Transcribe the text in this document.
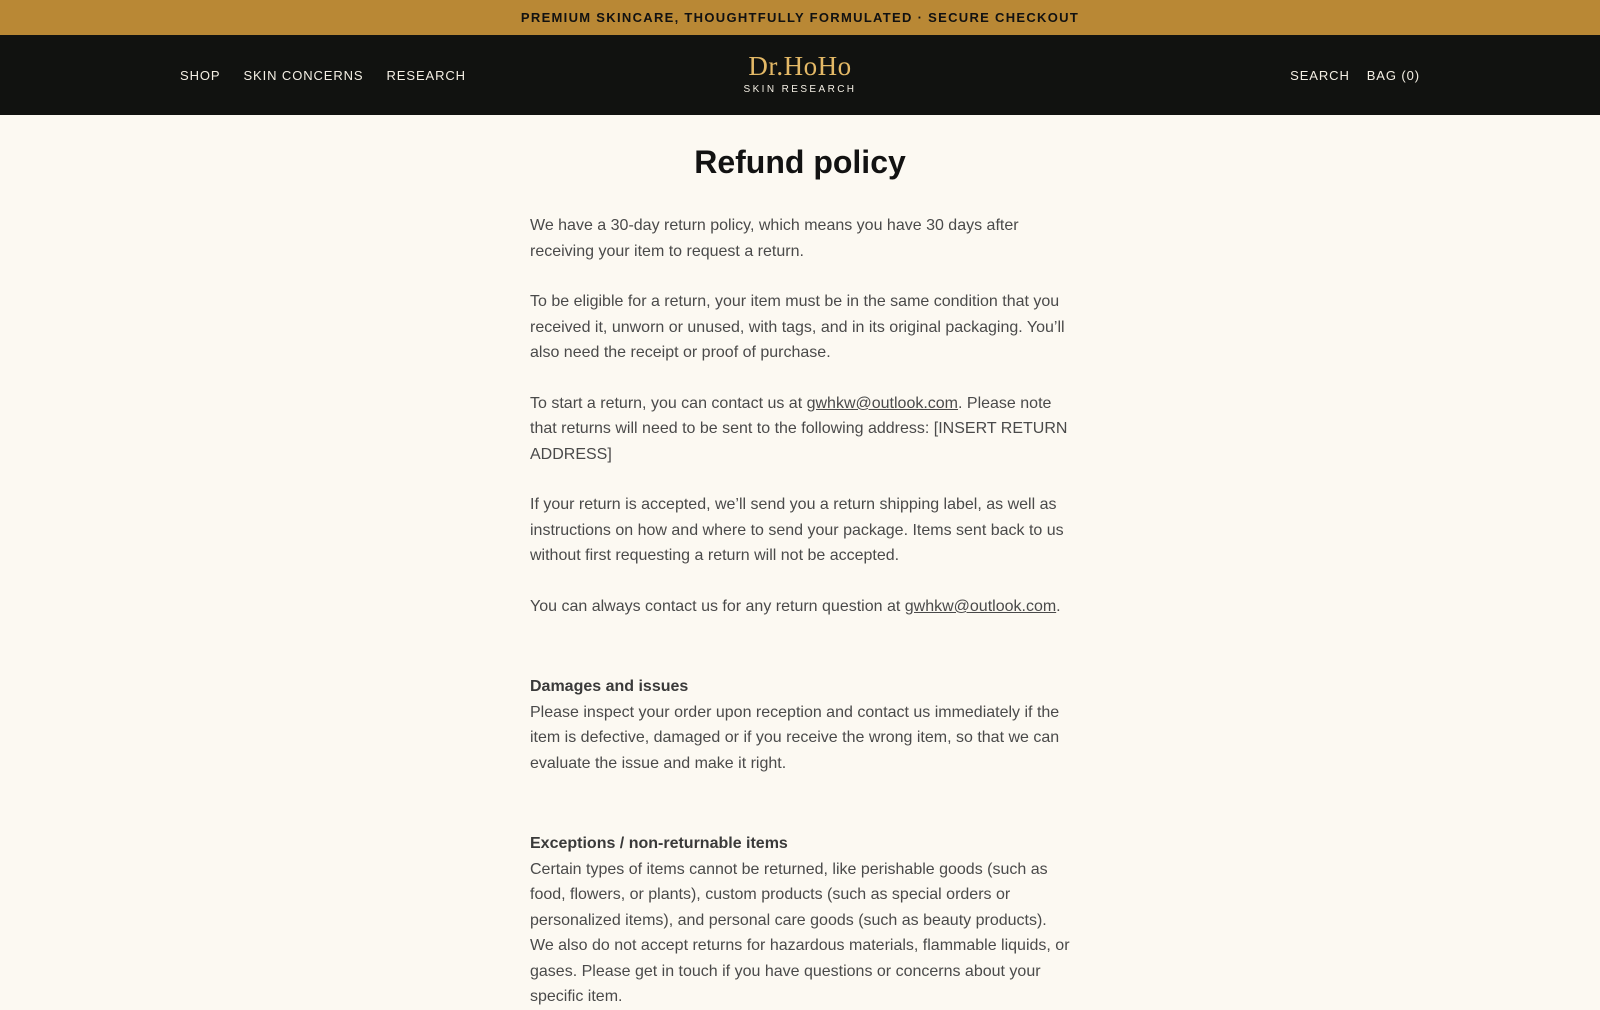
PREMIUM SKINCARE, THOUGHTFULLY FORMULATED · SECURE CHECKOUT
SHOP SKIN CONCERNS RESEARCH	Dr.HoHo
SKIN RESEARCH
SEARCH BAG (0)
Refund policy

We have a 30-day return policy, which means you have 30 days after receiving your item to request a return.

To be eligible for a return, your item must be in the same condition that you received it, unworn or unused, with tags, and in its original packaging. You’ll also need the receipt or proof of purchase.

To start a return, you can contact us at gwhkw@outlook.com. Please note that returns will need to be sent to the following address: [INSERT RETURN ADDRESS]

If your return is accepted, we’ll send you a return shipping label, as well as instructions on how and where to send your package. Items sent back to us without first requesting a return will not be accepted.

You can always contact us for any return question at gwhkw@outlook.com.

Damages and issues

Please inspect your order upon reception and contact us immediately if the item is defective, damaged or if you receive the wrong item, so that we can evaluate the issue and make it right.

Exceptions / non-returnable items

Certain types of items cannot be returned, like perishable goods (such as food, flowers, or plants), custom products (such as special orders or personalized items), and personal care goods (such as beauty products). We also do not accept returns for hazardous materials, flammable liquids, or gases. Please get in touch if you have questions or concerns about your specific item.
